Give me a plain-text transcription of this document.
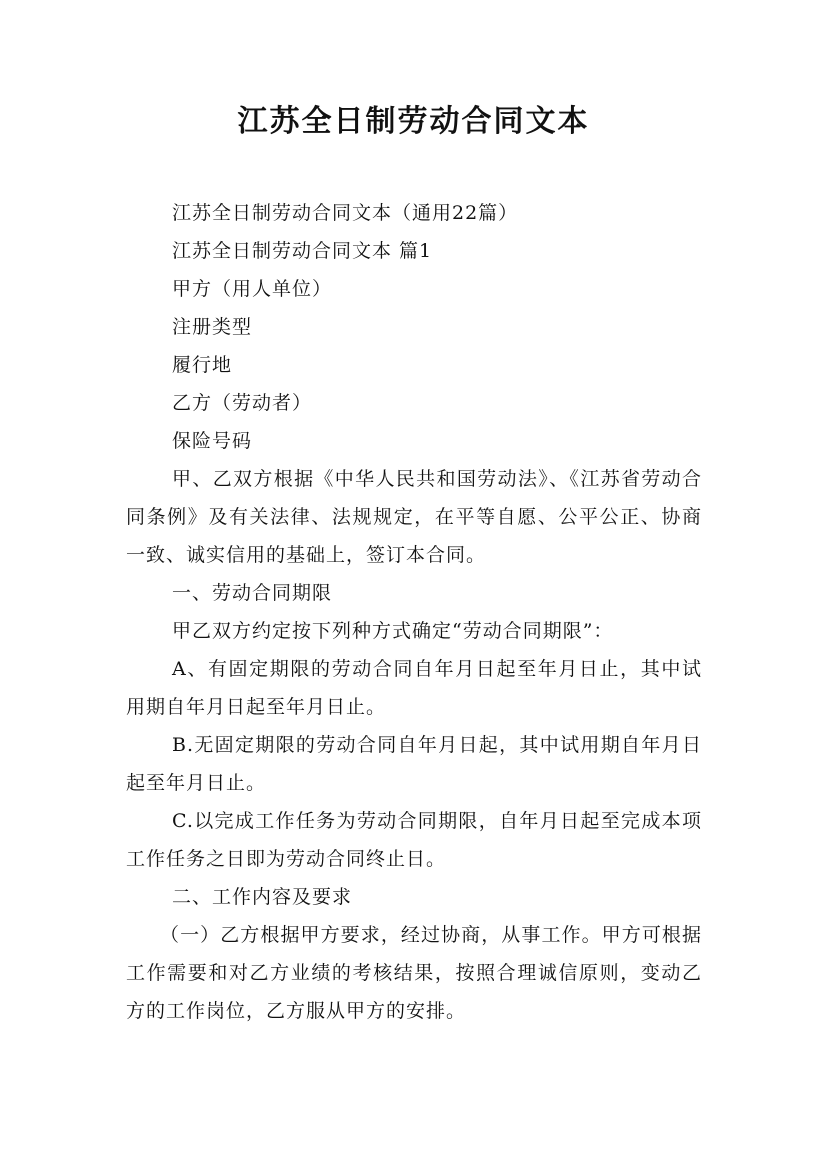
江苏全日制劳动合同文本

江苏全日制劳动合同文本（通用22篇）

江苏全日制劳动合同文本 篇1

甲方（用人单位）

注册类型

履行地

乙方（劳动者）

保险号码

甲、乙双方根据《中华人民共和国劳动法》、《江苏省劳动合同条例》及有关法律、法规规定，在平等自愿、公平公正、协商一致、诚实信用的基础上，签订本合同。

一、劳动合同期限

甲乙双方约定按下列种方式确定“劳动合同期限”：

A、有固定期限的劳动合同自年月日起至年月日止，其中试用期自年月日起至年月日止。

B.无固定期限的劳动合同自年月日起，其中试用期自年月日起至年月日止。

C.以完成工作任务为劳动合同期限，自年月日起至完成本项工作任务之日即为劳动合同终止日。

二、工作内容及要求

（一）乙方根据甲方要求，经过协商，从事工作。甲方可根据工作需要和对乙方业绩的考核结果，按照合理诚信原则，变动乙方的工作岗位，乙方服从甲方的安排。
